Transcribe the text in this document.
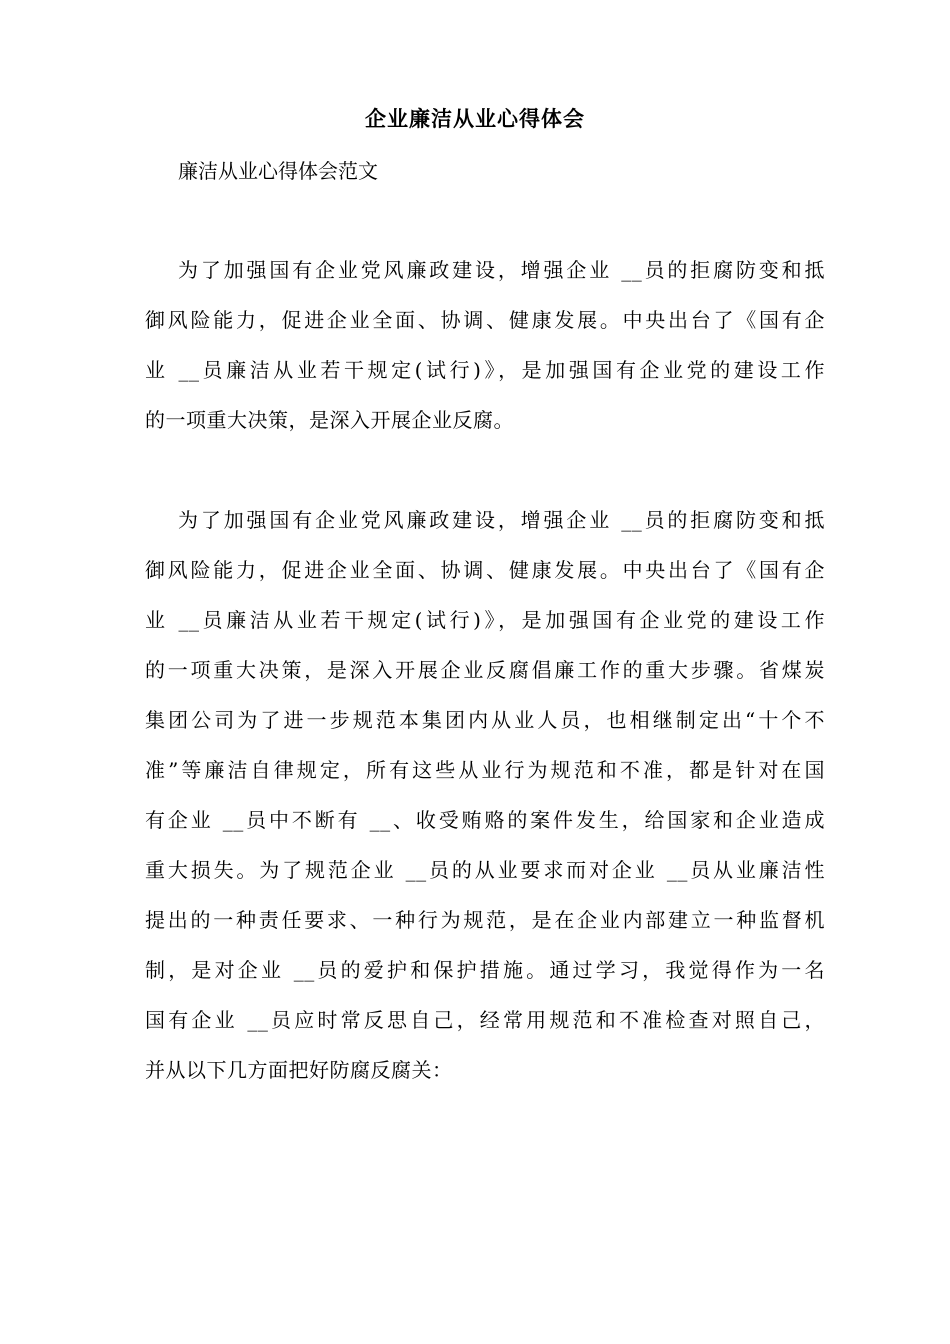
企业廉洁从业心得体会
廉洁从业心得体会范文
为了加强国有企业党风廉政建设，增强企业 __员的拒腐防变和抵
御风险能力，促进企业全面、协调、健康发展。中央出台了《国有企
业 __员廉洁从业若干规定(试行)》，是加强国有企业党的建设工作
的一项重大决策，是深入开展企业反腐。
为了加强国有企业党风廉政建设，增强企业 __员的拒腐防变和抵
御风险能力，促进企业全面、协调、健康发展。中央出台了《国有企
业 __员廉洁从业若干规定(试行)》，是加强国有企业党的建设工作
的一项重大决策，是深入开展企业反腐倡廉工作的重大步骤。省煤炭
集团公司为了进一步规范本集团内从业人员，也相继制定出“十个不
准”等廉洁自律规定，所有这些从业行为规范和不准，都是针对在国
有企业 __员中不断有 __、收受贿赂的案件发生，给国家和企业造成
重大损失。为了规范企业 __员的从业要求而对企业 __员从业廉洁性
提出的一种责任要求、一种行为规范，是在企业内部建立一种监督机
制，是对企业 __员的爱护和保护措施。通过学习，我觉得作为一名
国有企业 __员应时常反思自己，经常用规范和不准检查对照自己，
并从以下几方面把好防腐反腐关：
